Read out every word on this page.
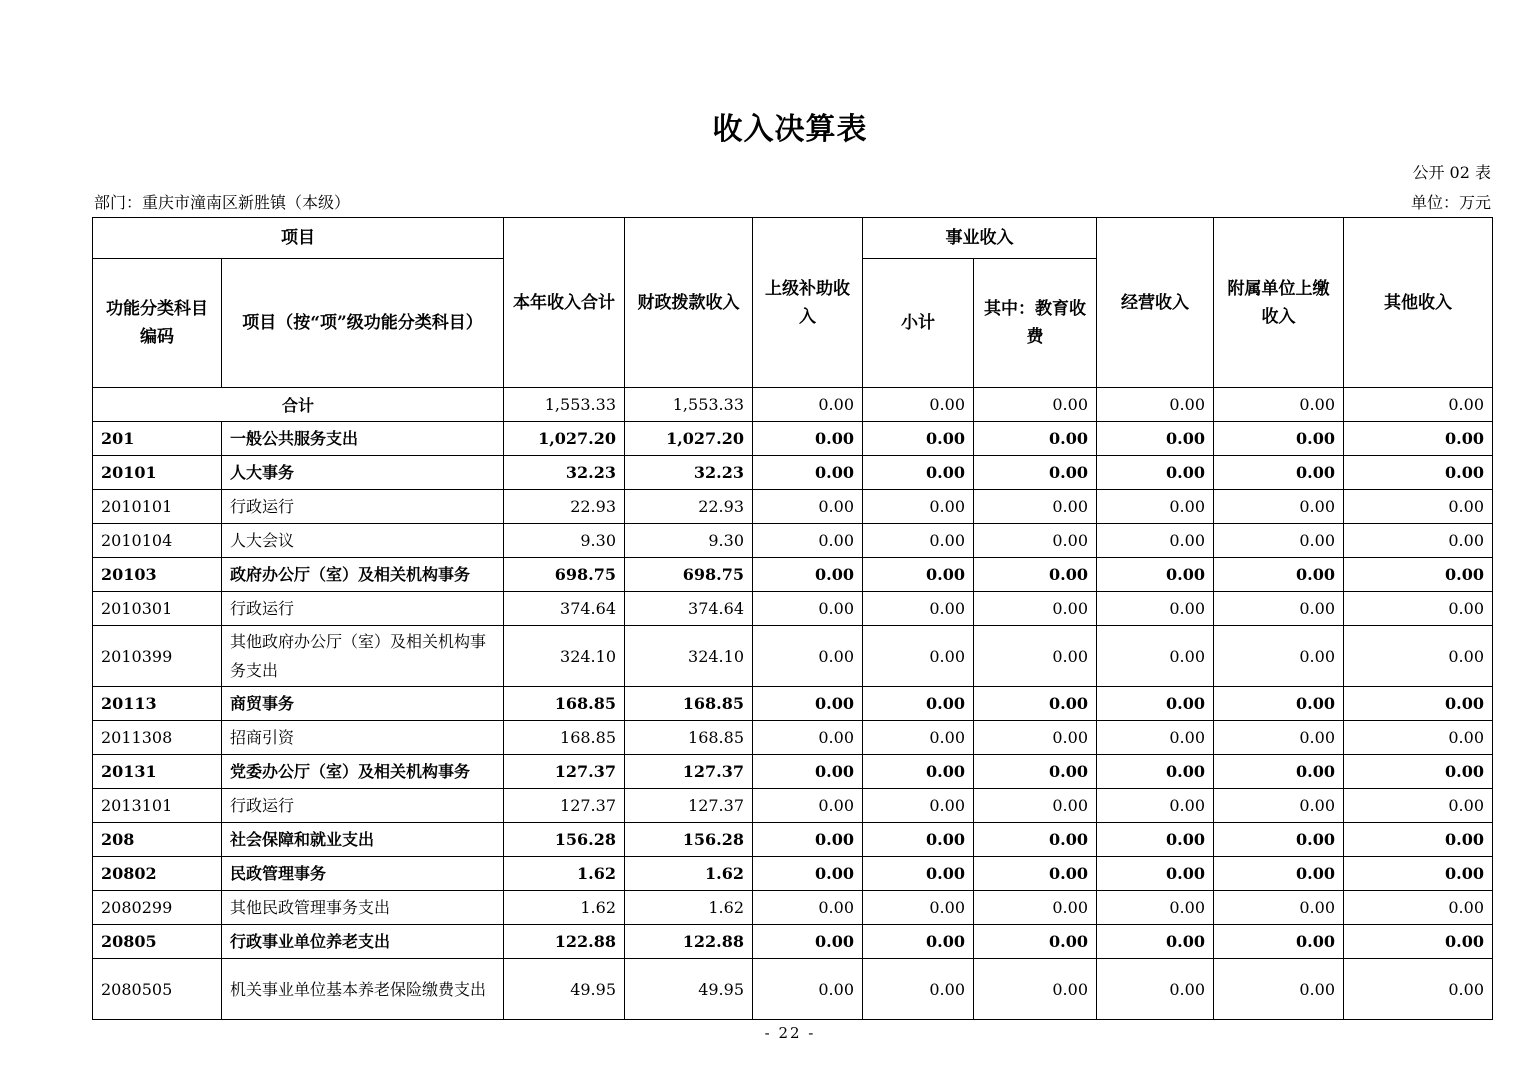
收入决算表
公开 02 表
部门：重庆市潼南区新胜镇（本级）	单位：万元
项目		本年收入合计	财政拨款收入	上级补助收入	事业收入		经营收入	附属单位上缴收入	其他收入
功能分类科目编码	项目（按“项”级功能分类科目）				小计	其中：教育收费			
合计		1,553.33	1,553.33	0.00	0.00	0.00	0.00	0.00	0.00
201	一般公共服务支出	1,027.20	1,027.20	0.00	0.00	0.00	0.00	0.00	0.00
20101	人大事务	32.23	32.23	0.00	0.00	0.00	0.00	0.00	0.00
2010101	行政运行	22.93	22.93	0.00	0.00	0.00	0.00	0.00	0.00
2010104	人大会议	9.30	9.30	0.00	0.00	0.00	0.00	0.00	0.00
20103	政府办公厅（室）及相关机构事务	698.75	698.75	0.00	0.00	0.00	0.00	0.00	0.00
2010301	行政运行	374.64	374.64	0.00	0.00	0.00	0.00	0.00	0.00
2010399	其他政府办公厅（室）及相关机构事务支出	324.10	324.10	0.00	0.00	0.00	0.00	0.00	0.00
20113	商贸事务	168.85	168.85	0.00	0.00	0.00	0.00	0.00	0.00
2011308	招商引资	168.85	168.85	0.00	0.00	0.00	0.00	0.00	0.00
20131	党委办公厅（室）及相关机构事务	127.37	127.37	0.00	0.00	0.00	0.00	0.00	0.00
2013101	行政运行	127.37	127.37	0.00	0.00	0.00	0.00	0.00	0.00
208	社会保障和就业支出	156.28	156.28	0.00	0.00	0.00	0.00	0.00	0.00
20802	民政管理事务	1.62	1.62	0.00	0.00	0.00	0.00	0.00	0.00
2080299	其他民政管理事务支出	1.62	1.62	0.00	0.00	0.00	0.00	0.00	0.00
20805	行政事业单位养老支出	122.88	122.88	0.00	0.00	0.00	0.00	0.00	0.00
2080505	机关事业单位基本养老保险缴费支出	49.95	49.95	0.00	0.00	0.00	0.00	0.00	0.00
- 22 -
